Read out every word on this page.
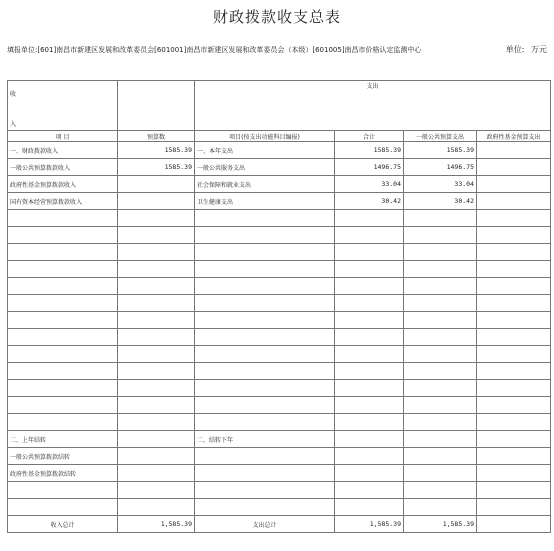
财政拨款收支总表
填报单位:[601]南昌市新建区发展和改革委员会[601001]南昌市新建区发展和改革委员会（本级）[601005]南昌市价格认定监测中心	单位: 万元
收
入		支出			
项 目	预算数	项目(按支出功能科目编报)	合计	一般公共预算支出	政府性基金预算支出
一、财政拨款收入	1585.39	一、本年支出	1585.39	1585.39	
一般公共预算拨款收入	1585.39	一般公共服务支出	1496.75	1496.75	
政府性基金预算拨款收入		社会保障和就业支出	33.04	33.04	
国有资本经营预算拨款收入		卫生健康支出	30.42	30.42	

二、上年结转		二、结转下年			
一般公共预算拨款结转					
政府性基金预算拨款结转					

收入总计	1,585.39	支出总计	1,585.39	1,585.39	
